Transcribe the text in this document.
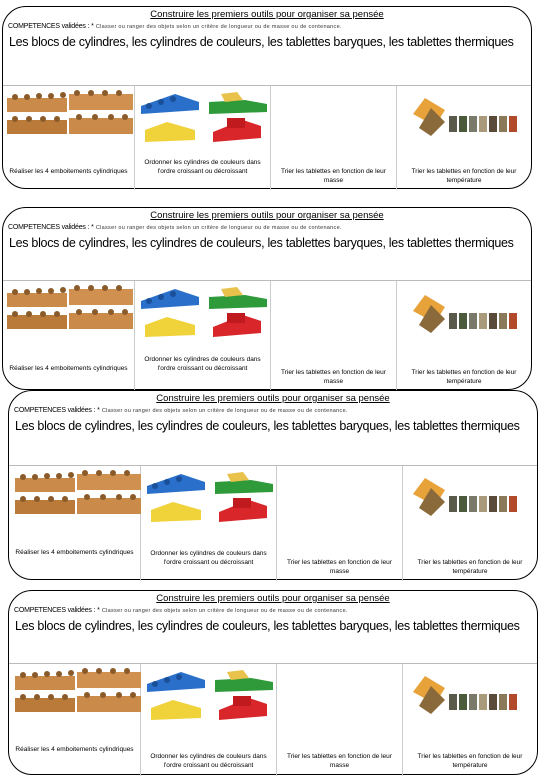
Construire les premiers outils pour organiser sa pensée
COMPETENCES validées : * Classer ou ranger des objets selon un critère de longueur ou de masse ou de contenance.
Les blocs de cylindres, les cylindres de couleurs, les tablettes baryques, les tablettes thermiques
Réaliser les 4 emboitements cylindriques
Ordonner les cylindres de couleurs dans l'ordre croissant ou décroissant	Trier les tablettes en fonction de leur masse
Trier les tablettes en fonction de leur température
Construire les premiers outils pour organiser sa pensée
COMPETENCES validées : * Classer ou ranger des objets selon un critère de longueur ou de masse ou de contenance.
Les blocs de cylindres, les cylindres de couleurs, les tablettes baryques, les tablettes thermiques
Réaliser les 4 emboitements cylindriques
Ordonner les cylindres de couleurs dans l'ordre croissant ou décroissant
Trier les tablettes en fonction de leur masse
Trier les tablettes en fonction de leur température
Construire les premiers outils pour organiser sa pensée
COMPETENCES validées : * Classer ou ranger des objets selon un critère de longueur ou de masse ou de contenance.
Les blocs de cylindres, les cylindres de couleurs, les tablettes baryques, les tablettes thermiques
Réaliser les 4 emboitements cylindriques	Ordonner les cylindres de couleurs dans l'ordre croissant ou décroissant	Trier les tablettes en fonction de leur masse
Trier les tablettes en fonction de leur température
Construire les premiers outils pour organiser sa pensée
COMPETENCES validées : * Classer ou ranger des objets selon un critère de longueur ou de masse ou de contenance.
Les blocs de cylindres, les cylindres de couleurs, les tablettes baryques, les tablettes thermiques
Réaliser les 4 emboitements cylindriques
Ordonner les cylindres de couleurs dans l'ordre croissant ou décroissant
Trier les tablettes en fonction de leur masse
Trier les tablettes en fonction de leur température
